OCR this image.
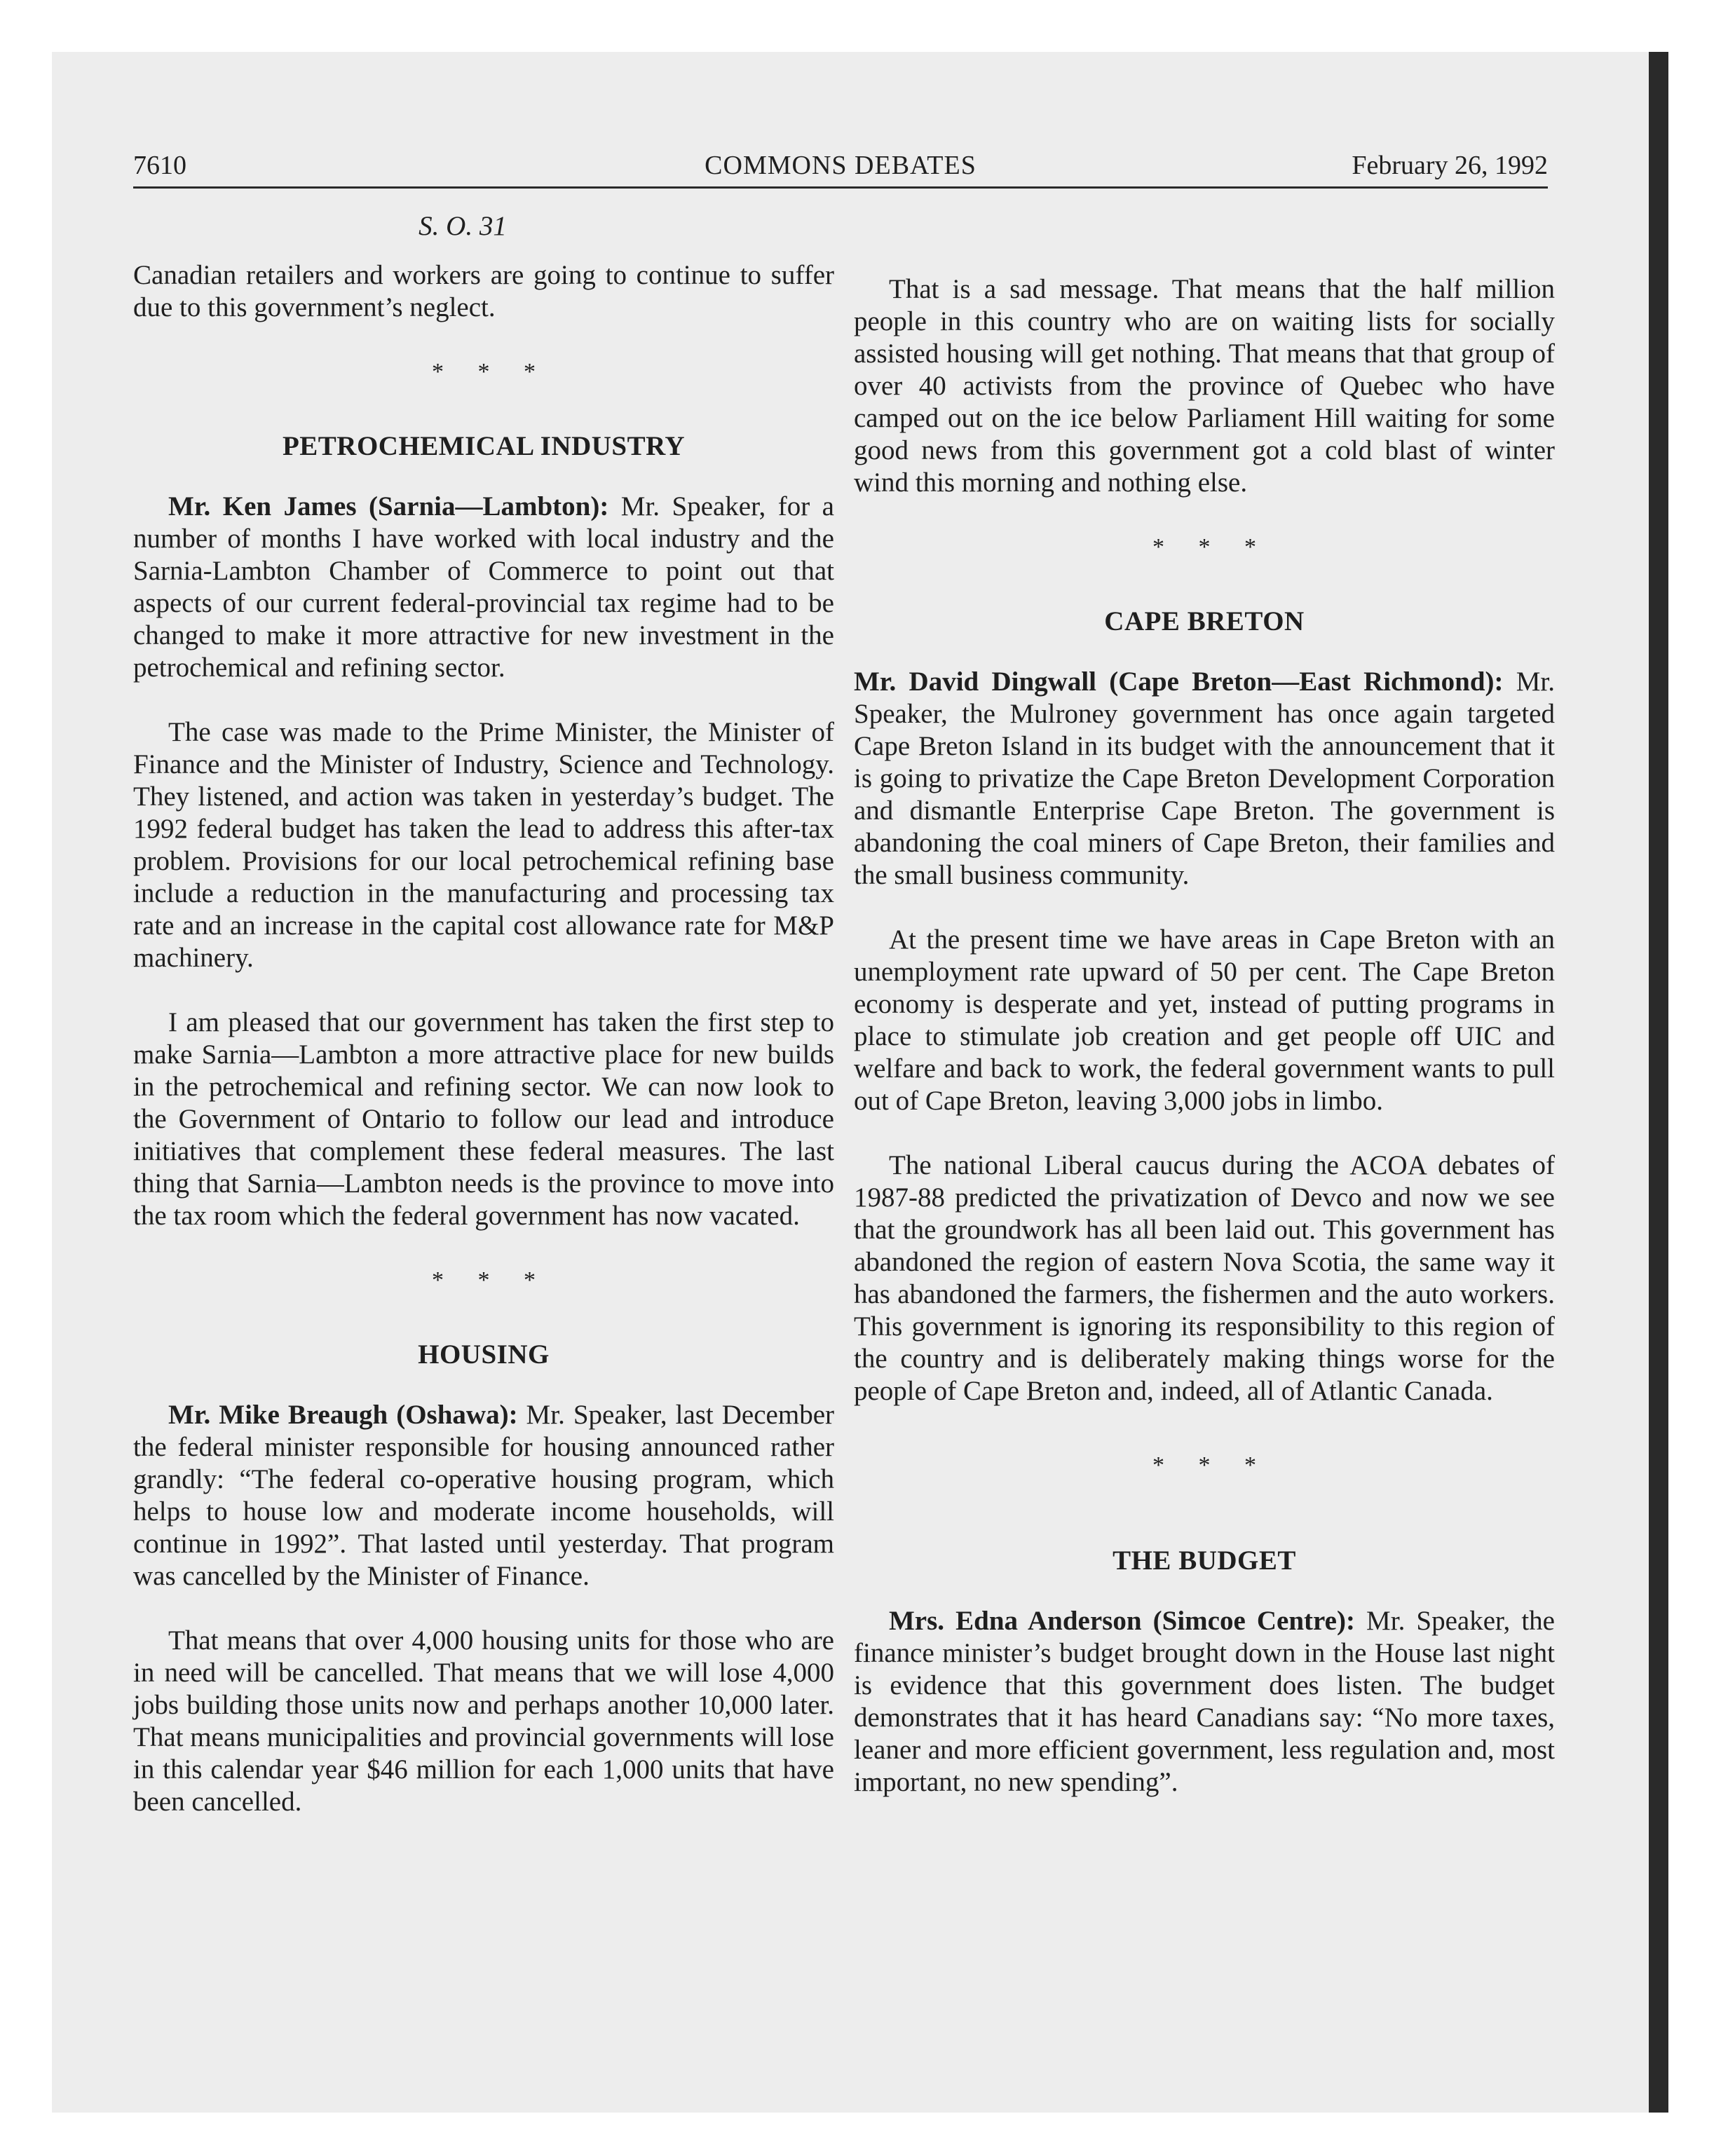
7610	COMMONS DEBATES	February 26, 1992
S. O. 31

Canadian retailers and workers are going to continue to suffer due to this government’s neglect.

* * *
PETROCHEMICAL INDUSTRY

Mr. Ken James (Sarnia—Lambton): Mr. Speaker, for a number of months I have worked with local industry and the Sarnia-Lambton Chamber of Commerce to point out that aspects of our current federal-provincial tax regime had to be changed to make it more attractive for new investment in the petrochemical and refining sector.

The case was made to the Prime Minister, the Minister of Finance and the Minister of Industry, Science and Technology. They listened, and action was taken in yesterday’s budget. The 1992 federal budget has taken the lead to address this after-tax problem. Provisions for our local petrochemical refining base include a reduction in the manufacturing and processing tax rate and an increase in the capital cost allowance rate for M&P machinery.

I am pleased that our government has taken the first step to make Sarnia—Lambton a more attractive place for new builds in the petrochemical and refining sector. We can now look to the Government of Ontario to follow our lead and introduce initiatives that complement these federal measures. The last thing that Sarnia—Lambton needs is the province to move into the tax room which the federal government has now vacated.

* * *
HOUSING

Mr. Mike Breaugh (Oshawa): Mr. Speaker, last December the federal minister responsible for housing announced rather grandly: “The federal co-operative housing program, which helps to house low and moderate income households, will continue in 1992”. That lasted until yesterday. That program was cancelled by the Minister of Finance.

That means that over 4,000 housing units for those who are in need will be cancelled. That means that we will lose 4,000 jobs building those units now and perhaps another 10,000 later. That means municipalities and provincial governments will lose in this calendar year $46 million for each 1,000 units that have been cancelled.

That is a sad message. That means that the half million people in this country who are on waiting lists for socially assisted housing will get nothing. That means that that group of over 40 activists from the province of Quebec who have camped out on the ice below Parliament Hill waiting for some good news from this government got a cold blast of winter wind this morning and nothing else.

* * *
CAPE BRETON

Mr. David Dingwall (Cape Breton—East Richmond): Mr. Speaker, the Mulroney government has once again targeted Cape Breton Island in its budget with the announcement that it is going to privatize the Cape Breton Development Corporation and dismantle Enterprise Cape Breton. The government is abandoning the coal miners of Cape Breton, their families and the small business community.

At the present time we have areas in Cape Breton with an unemployment rate upward of 50 per cent. The Cape Breton economy is desperate and yet, instead of putting programs in place to stimulate job creation and get people off UIC and welfare and back to work, the federal government wants to pull out of Cape Breton, leaving 3,000 jobs in limbo.

The national Liberal caucus during the ACOA debates of 1987-88 predicted the privatization of Devco and now we see that the groundwork has all been laid out. This government has abandoned the region of eastern Nova Scotia, the same way it has abandoned the farmers, the fishermen and the auto workers. This government is ignoring its responsibility to this region of the country and is deliberately making things worse for the people of Cape Breton and, indeed, all of Atlantic Canada.

* * *
THE BUDGET

Mrs. Edna Anderson (Simcoe Centre): Mr. Speaker, the finance minister’s budget brought down in the House last night is evidence that this government does listen. The budget demonstrates that it has heard Canadians say: “No more taxes, leaner and more efficient government, less regulation and, most important, no new spending”.
